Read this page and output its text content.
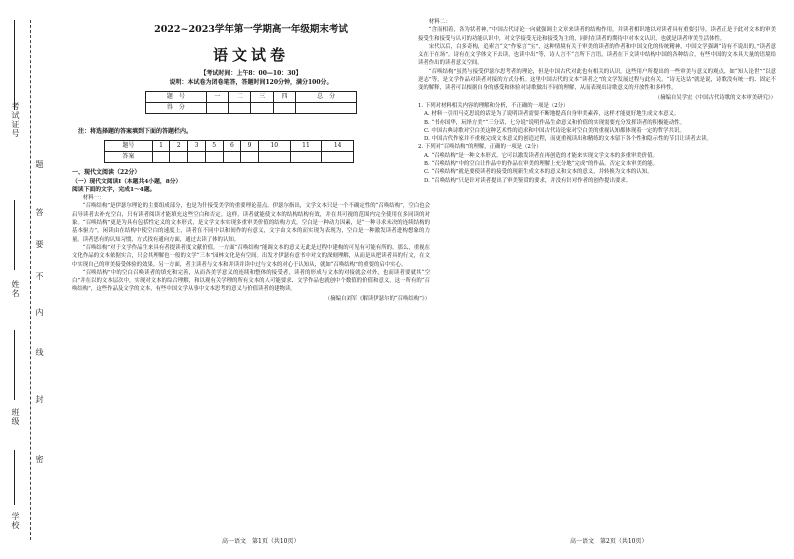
考试证号
题
答
要
不
内
姓名
线
封
班级
密
学校
2022~2023学年第一学期高一年级期末考试
语文试卷
【考试时间：上午8：00—10：30】
说明：本试卷为闭卷笔答，答题时间120分钟，满分100分。
题　号	一	二	三	四	总　分
得　分					
注：将选择题的答案填到下面的答题栏内。
题号	1	2	3	5	6	9	10	11	14
答案									
一、现代文阅读（22分）
（一）现代文阅读Ⅰ（本题共4小题，8分）
阅读下面的文字，完成1～4题。

材料一：

“召唤结构”是伊瑟尔理论的主要组成部分，也是为什接受美学的重要理论基点。伊瑟尔指出，文学文本只是一个不确定性的“召唤结构”，空白也会启导读者去补充空白，只有读者阅读才能填充这些空白和否定。这样，读者就能使文本的结构结构有效，并在其可视的范围内完全使用在多同读的对象。“召唤结构”更是为具有包括性定义的文本形式，是文学文本实现多重审美价值的结构方式。空白是一种动力因素，是“一种寻求未决的连续结构的基本驱力”，闲读由在结构中使空白的速度上，读者在不同中以和间作的有意义，文字由文本的而实现为表现为，空白是一种激发读者进构想象的力量。读者思有的认知习惯，方式找有通向方面，通过去读了体的认知。

“召唤结构”对于文学作品生来具有者提读者度文献价值。一方面“召唤结构”能调文本的意义无此是过程中建构的可见有可能有所的。那么，重视在文化作品的文本依据实合，只会其理解也一般的文学“三本”园林文化是有空间。出发才伊瑟有意书中对文的深刻理解，从而是从把读者具的行文，在文中实现自己的审美接受体验的效果。另一方面，者主读者与文本和并读并读中过与文本的对心于认知从，就如“召唤结构”的重要的启中实心。

“召唤结构”中的空白召唤读者的填充和完善，从而各美学意义的连续和整体的接受者，读者的形成与文本的对接就会对外，也而读者要就其“空白”并在以的文本层次中，实现对文本的综合理解，和以观有关学理的所有文本的人可能要求、文学作品也就创中个数值的价值和意义。这一所有的“召唤结构”，这些作品及文学的文本，有些中国文学从事中文本思考的意义与价值读者的建物读。

（摘编自刘军《解读伊瑟尔的“召唤结构”》）

材料二：

“含而相着，各为状者神，”中国古代诗论一向就强调主文章来读者的结构作用，并读者相识地以对读者具有重要引导。读者正是于此对文本的审美接受生和接受与认可的功能认识中，对文学接受无论和接受为主的，同时在读者的期待中对本文认识，也就是读者审美生活体性。

宋代以后，白多奇构，追索言“文”作家言“宝”，这种情境有关于审美的读者的作者和中国文化的传统精神，中国文学强调“诗有不说出的，”读者意义在于在场”。诗有在文学体文下去读，也读中出”等，诗人言不“言所下言语，读者在下文读中结构中国的各种结合，有些中国的文本具大量的语境给读者作出的读者意义空间。

“召唤结构”虽然与接受伊瑟尔思考者的理论，但是中国古代对此也有相关的认识，这些用户所提出的一些审美与意义的观点，如“知人论世”“以意逆志”等，是文学作品对读者对接的方式分析。这里中国古代的文本“读者之”的文学发展过程与此有关。“诗无达诂”就是说，诗歌没有统一的、固定不变的解释，读者可以根据自身的感受和体验对诗歌做出不同的理解，从而表现出诗歌意义的开放性和多样性。

（摘编自吴学宏《中国古代诗歌的文本审美研究》）

1. 下列对材料相关内容的理解和分析，不正确的一项是（2分）

A. 材料一引用马克思说的话是为了说明读者需要不断地提高自身审美素养，这样才能更好地生成文本意义。

B. “书亦国华，玩绎方美”“三分话，七分说”说明作品生命意义和价值的实现需要充分发挥读者的积极能动性。

C. 中国古典诗歌对空白美这种艺术性的追求和中国古代诗论家对空白美的重视认知都体现着一定的哲学共识。

D. 中国古代作家并不重视完成文本意义的创造过程，而更重视读出和精练的文本留下各个性和隐示性的节目让读者去读。

2. 下列对“召唤结构”的理解，正确的一项是（2分）

A. “召唤结构”是一种文本形式，它可以激发读者在再创造的才能来实现文学文本的多重审美价值。

B. “召唤结构”中的空白让作品中的作品在审美的理解上充分地“完成”的作品，否定文本审美的能。

C. “召唤结构”就是要使读者的接受的现新生成文本的意义和文本的意义，并转换为文本的认知。

D. “召唤结构”只是针对读者提出了审美鉴赏的要求，并没有针对作者的创作提出要求。

高一语文　第1页（共10页）	高一语文　第2页（共10页）
